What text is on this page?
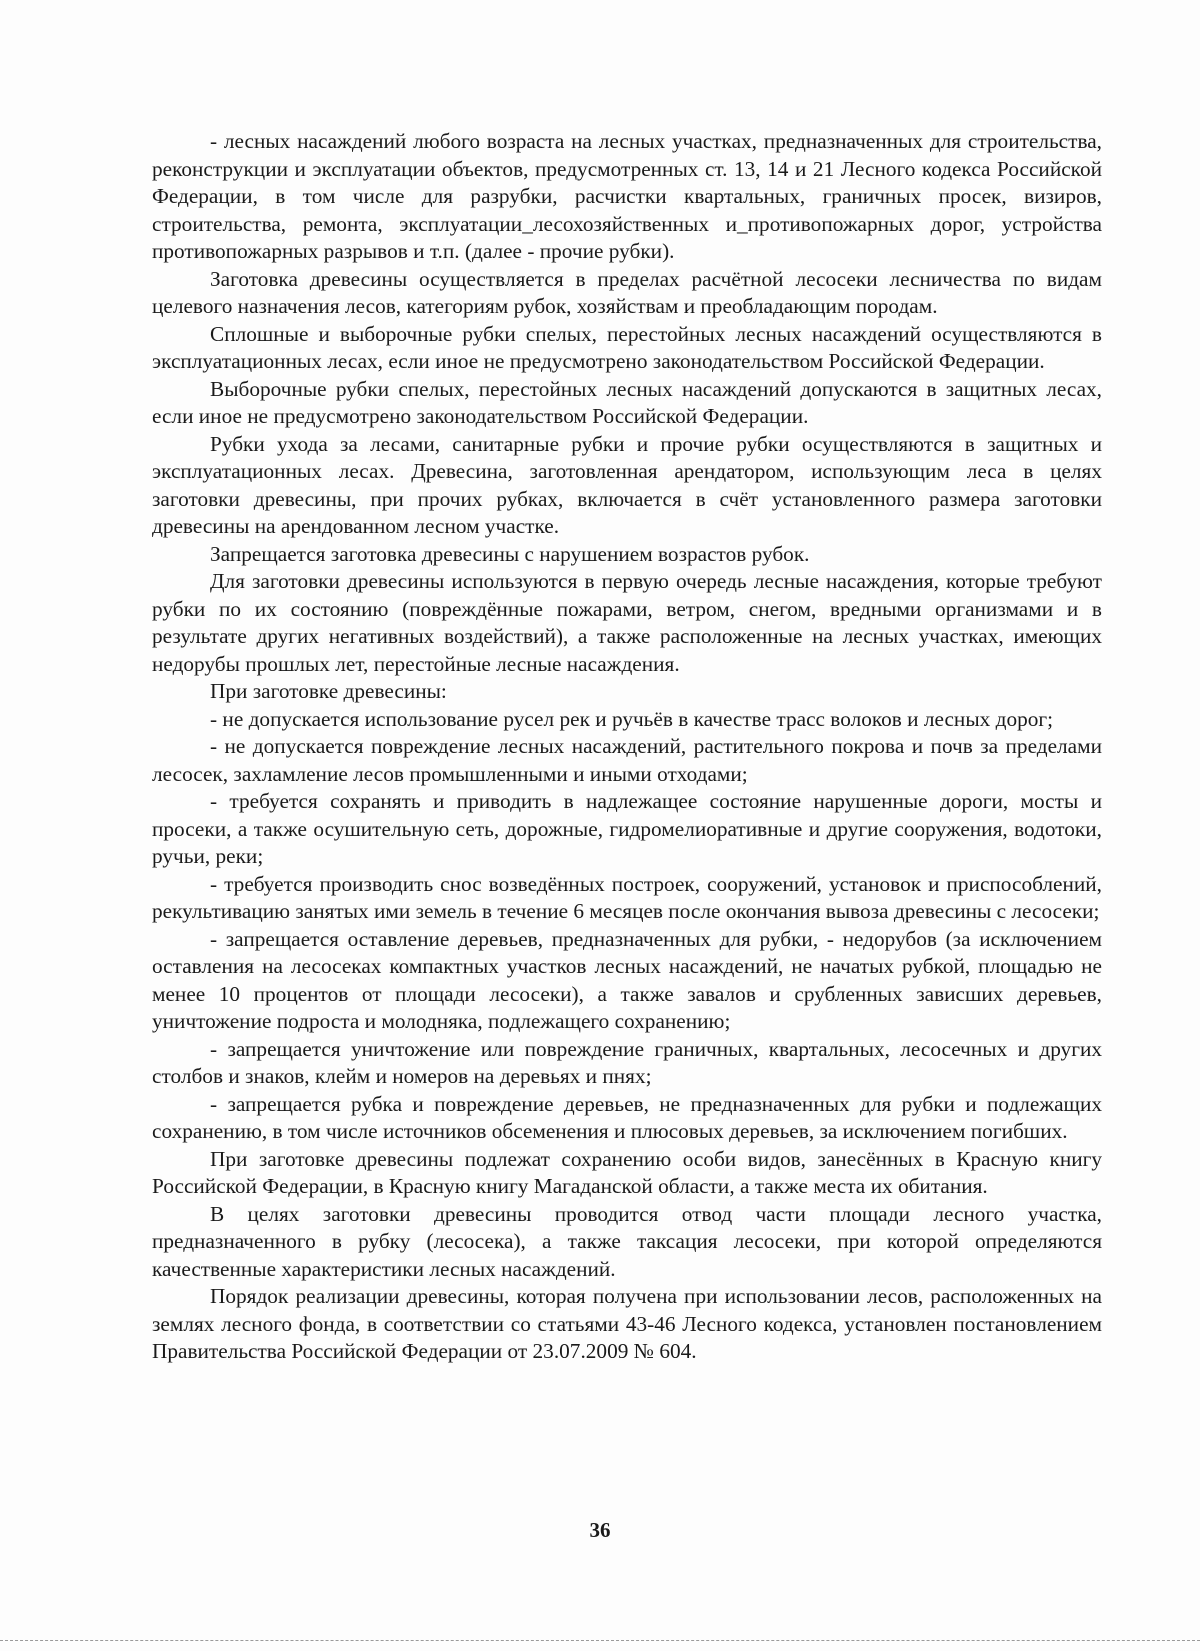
- лесных насаждений любого возраста на лесных участках, предназначенных для строительства, реконструкции и эксплуатации объектов, предусмотренных ст. 13, 14 и 21 Лесного кодекса Российской Федерации, в том числе для разрубки, расчистки квартальных, граничных просек, визиров, строительства, ремонта, эксплуатации_лесохозяйственных и_противопожарных дорог, устройства противопожарных разрывов и т.п. (далее - прочие рубки).

Заготовка древесины осуществляется в пределах расчётной лесосеки лесничества по видам целевого назначения лесов, категориям рубок, хозяйствам и преобладающим породам.

Сплошные и выборочные рубки спелых, перестойных лесных насаждений осуществляются в эксплуатационных лесах, если иное не предусмотрено законодательством Российской Федерации.

Выборочные рубки спелых, перестойных лесных насаждений допускаются в защитных лесах, если иное не предусмотрено законодательством Российской Федерации.

Рубки ухода за лесами, санитарные рубки и прочие рубки осуществляются в защитных и эксплуатационных лесах. Древесина, заготовленная арендатором, использующим леса в целях заготовки древесины, при прочих рубках, включается в счёт установленного размера заготовки древесины на арендованном лесном участке.

Запрещается заготовка древесины с нарушением возрастов рубок.

Для заготовки древесины используются в первую очередь лесные насаждения, которые требуют рубки по их состоянию (повреждённые пожарами, ветром, снегом, вредными организмами и в результате других негативных воздействий), а также расположенные на лесных участках, имеющих недорубы прошлых лет, перестойные лесные насаждения.

При заготовке древесины:

- не допускается использование русел рек и ручьёв в качестве трасс волоков и лесных дорог;

- не допускается повреждение лесных насаждений, растительного покрова и почв за пределами лесосек, захламление лесов промышленными и иными отходами;

- требуется сохранять и приводить в надлежащее состояние нарушенные дороги, мосты и просеки, а также осушительную сеть, дорожные, гидромелиоративные и другие сооружения, водотоки, ручьи, реки;

- требуется производить снос возведённых построек, сооружений, установок и приспособлений, рекультивацию занятых ими земель в течение 6 месяцев после окончания вывоза древесины с лесосеки;

- запрещается оставление деревьев, предназначенных для рубки, - недорубов (за исключением оставления на лесосеках компактных участков лесных насаждений, не начатых рубкой, площадью не менее 10 процентов от площади лесосеки), а также завалов и срубленных зависших деревьев, уничтожение подроста и молодняка, подлежащего сохранению;

- запрещается уничтожение или повреждение граничных, квартальных, лесосечных и других столбов и знаков, клейм и номеров на деревьях и пнях;

- запрещается рубка и повреждение деревьев, не предназначенных для рубки и подлежащих сохранению, в том числе источников обсеменения и плюсовых деревьев, за исключением погибших.

При заготовке древесины подлежат сохранению особи видов, занесённых в Красную книгу Российской Федерации, в Красную книгу Магаданской области, а также места их обитания.

В целях заготовки древесины проводится отвод части площади лесного участка, предназначенного в рубку (лесосека), а также таксация лесосеки, при которой определяются качественные характеристики лесных насаждений.

Порядок реализации древесины, которая получена при использовании лесов, расположенных на землях лесного фонда, в соответствии со статьями 43-46 Лесного кодекса, установлен постановлением Правительства Российской Федерации от 23.07.2009 № 604.

36
